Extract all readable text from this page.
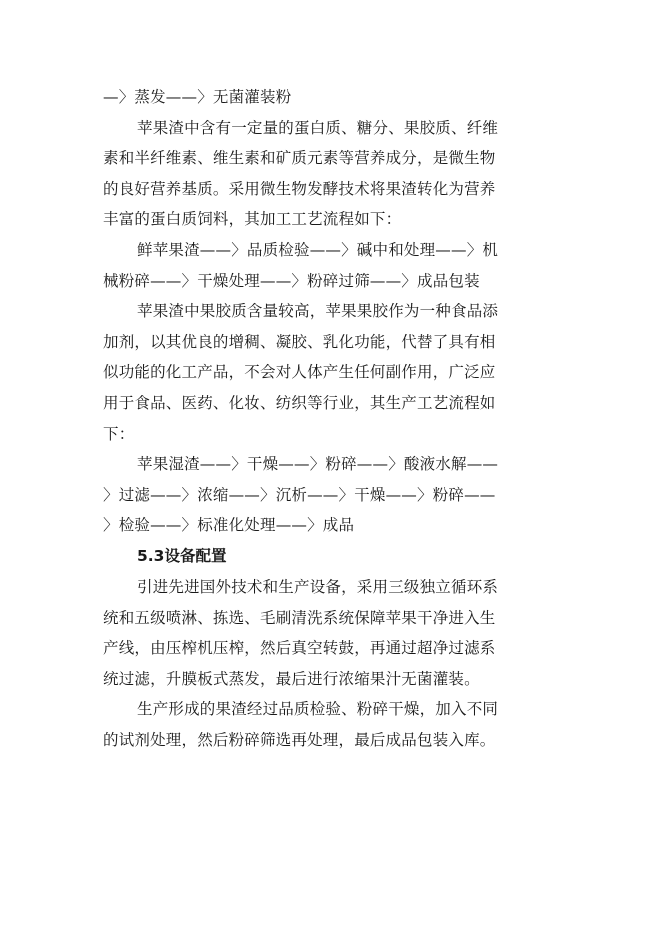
—〉蒸发——〉无菌灌装粉
苹果渣中含有一定量的蛋白质、糖分、果胶质、纤维
素和半纤维素、维生素和矿质元素等营养成分，是微生物
的良好营养基质。采用微生物发酵技术将果渣转化为营养
丰富的蛋白质饲料，其加工工艺流程如下：
鲜苹果渣——〉品质检验——〉碱中和处理——〉机
械粉碎——〉干燥处理——〉粉碎过筛——〉成品包装
苹果渣中果胶质含量较高，苹果果胶作为一种食品添
加剂，以其优良的增稠、凝胶、乳化功能，代替了具有相
似功能的化工产品，不会对人体产生任何副作用，广泛应
用于食品、医药、化妆、纺织等行业，其生产工艺流程如
下：
苹果湿渣——〉干燥——〉粉碎——〉酸液水解——
〉过滤——〉浓缩——〉沉析——〉干燥——〉粉碎——
〉检验——〉标准化处理——〉成品
5.3设备配置
引进先进国外技术和生产设备，采用三级独立循环系
统和五级喷淋、拣选、毛刷清洗系统保障苹果干净进入生
产线，由压榨机压榨，然后真空转鼓，再通过超净过滤系
统过滤，升膜板式蒸发，最后进行浓缩果汁无菌灌装。
生产形成的果渣经过品质检验、粉碎干燥，加入不同
的试剂处理，然后粉碎筛选再处理，最后成品包装入库。
